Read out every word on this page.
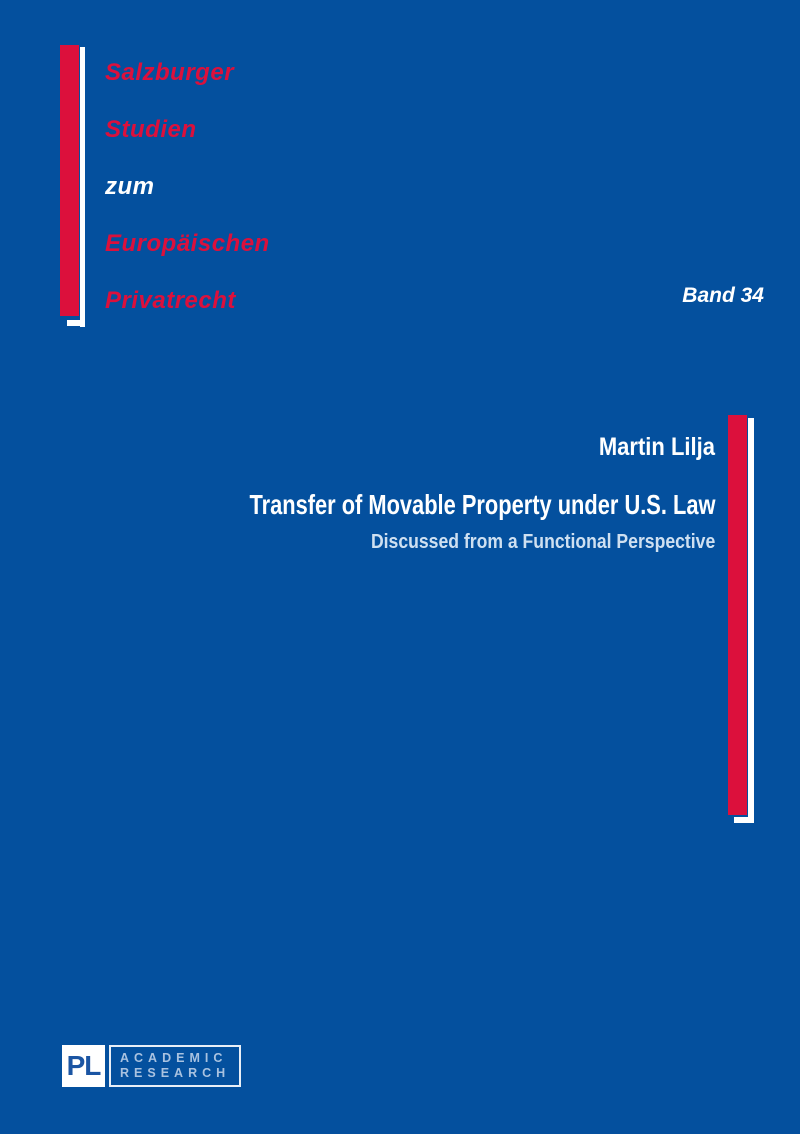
Salzburger
Studien
zum
Europäischen
Privatrecht	Band 34
Martin Lilja
Transfer of Movable Property under U.S. Law
Discussed from a Functional Perspective
PL	ACADEMIC
RESEARCH
